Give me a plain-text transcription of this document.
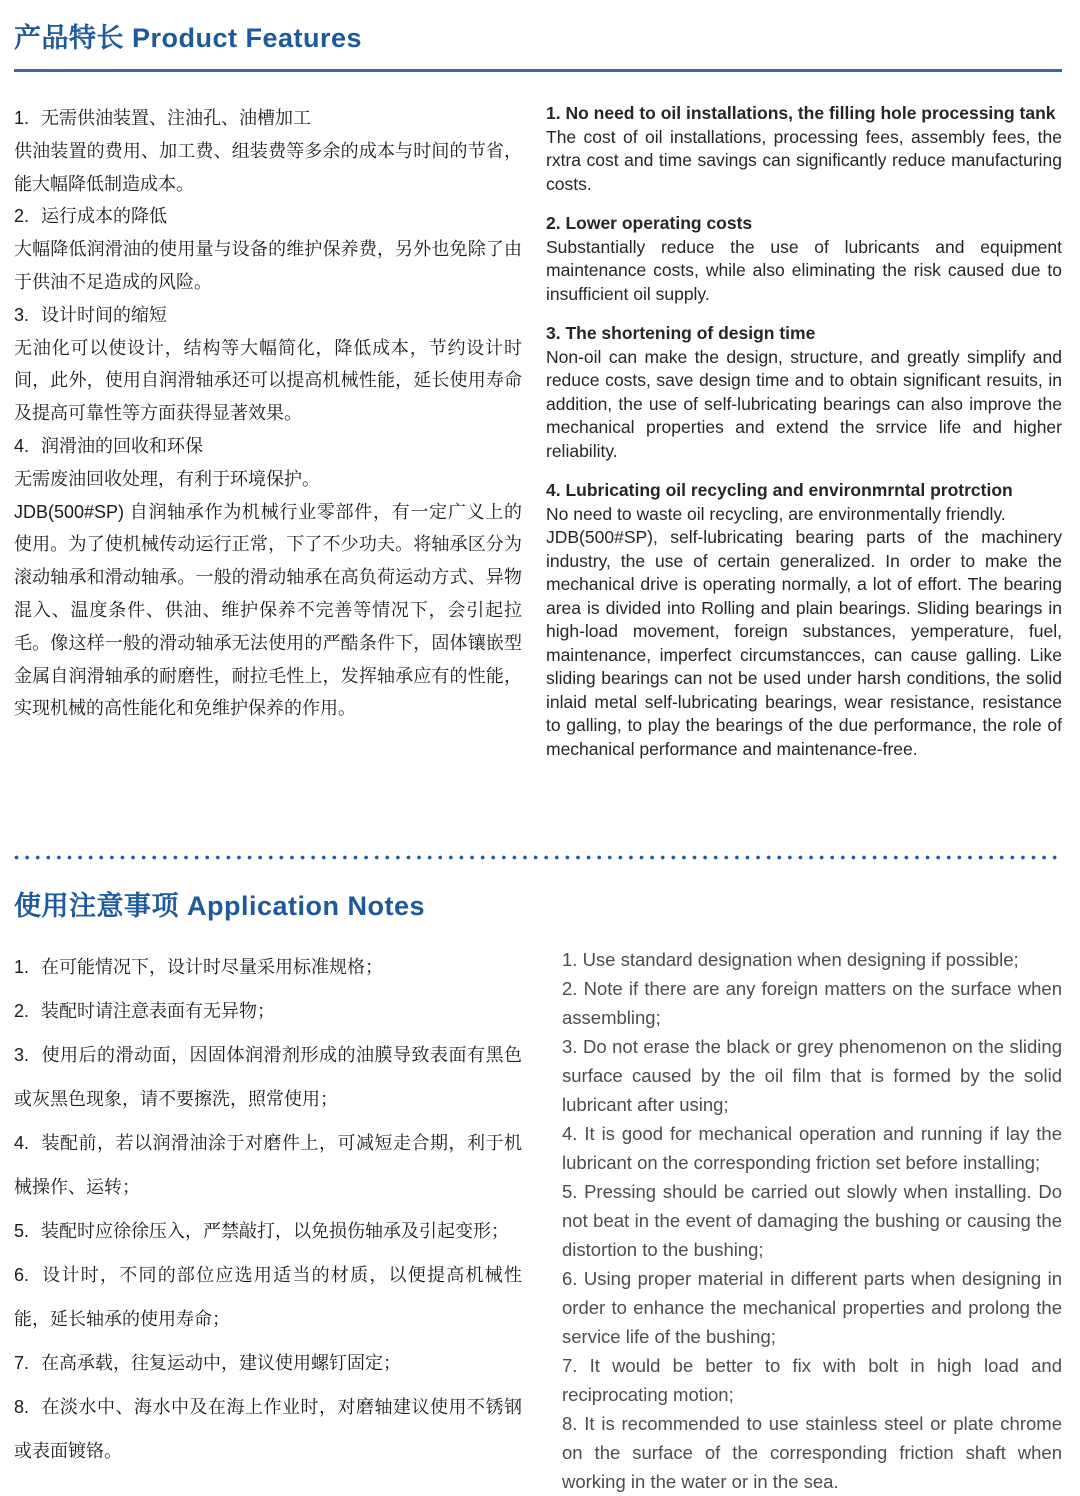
产品特长 Product Features

1. 无需供油装置、注油孔、油槽加工

供油装置的费用、加工费、组装费等多余的成本与时间的节省，能大幅降低制造成本。

2. 运行成本的降低

大幅降低润滑油的使用量与设备的维护保养费，另外也免除了由于供油不足造成的风险。

3. 设计时间的缩短

无油化可以使设计，结构等大幅简化，降低成本，节约设计时间，此外，使用自润滑轴承还可以提高机械性能，延长使用寿命及提高可靠性等方面获得显著效果。

4. 润滑油的回收和环保

无需废油回收处理，有利于环境保护。

JDB(500#SP) 自润轴承作为机械行业零部件，有一定广义上的使用。为了使机械传动运行正常，下了不少功夫。将轴承区分为滚动轴承和滑动轴承。一般的滑动轴承在高负荷运动方式、异物混入、温度条件、供油、维护保养不完善等情况下，会引起拉毛。像这样一般的滑动轴承无法使用的严酷条件下，固体镶嵌型金属自润滑轴承的耐磨性，耐拉毛性上，发挥轴承应有的性能，实现机械的高性能化和免维护保养的作用。

1. No need to oil installations, the filling hole processing tank

The cost of oil installations, processing fees, assembly fees, the rxtra cost and time savings can significantly reduce manufacturing costs.

2. Lower operating costs

Substantially reduce the use of lubricants and equipment maintenance costs, while also eliminating the risk caused due to insufficient oil supply.

3. The shortening of design time

Non-oil can make the design, structure, and greatly simplify and reduce costs, save design time and to obtain significant resuits, in addition, the use of self-lubricating bearings can also improve the mechanical properties and extend the srrvice life and higher reliability.

4. Lubricating oil recycling and environmrntal protrction

No need to waste oil recycling, are environmentally friendly.

JDB(500#SP), self-lubricating bearing parts of the machinery industry, the use of certain generalized. In order to make the mechanical drive is operating normally, a lot of effort. The bearing area is divided into Rolling and plain bearings. Sliding bearings in high-load movement, foreign substances, yemperature, fuel, maintenance, imperfect circumstancces, can cause galling. Like sliding bearings can not be used under harsh conditions, the solid inlaid metal self-lubricating bearings, wear resistance, resistance to galling, to play the bearings of the due performance, the role of mechanical performance and maintenance-free.

使用注意事项 Application Notes

1. 在可能情况下，设计时尽量采用标准规格；

2. 装配时请注意表面有无异物；

3. 使用后的滑动面，因固体润滑剂形成的油膜导致表面有黑色或灰黑色现象，请不要擦洗，照常使用；

4. 装配前，若以润滑油涂于对磨件上，可减短走合期，利于机械操作、运转；

5. 装配时应徐徐压入，严禁敲打，以免损伤轴承及引起变形；

6. 设计时，不同的部位应选用适当的材质，以便提高机械性能，延长轴承的使用寿命；

7. 在高承载，往复运动中，建议使用螺钉固定；

8. 在淡水中、海水中及在海上作业时，对磨轴建议使用不锈钢或表面镀铬。

1. Use standard designation when designing if possible;

2. Note if there are any foreign matters on the surface when assembling;

3. Do not erase the black or grey phenomenon on the sliding surface caused by the oil film that is formed by the solid lubricant after using;

4. It is good for mechanical operation and running if lay the lubricant on the corresponding friction set before installing;

5. Pressing should be carried out slowly when installing. Do not beat in the event of damaging the bushing or causing the distortion to the bushing;

6. Using proper material in different parts when designing in order to enhance the mechanical properties and prolong the service life of the bushing;

7. It would be better to fix with bolt in high load and reciprocating motion;

8. It is recommended to use stainless steel or plate chrome on the surface of the corresponding friction shaft when working in the water or in the sea.
